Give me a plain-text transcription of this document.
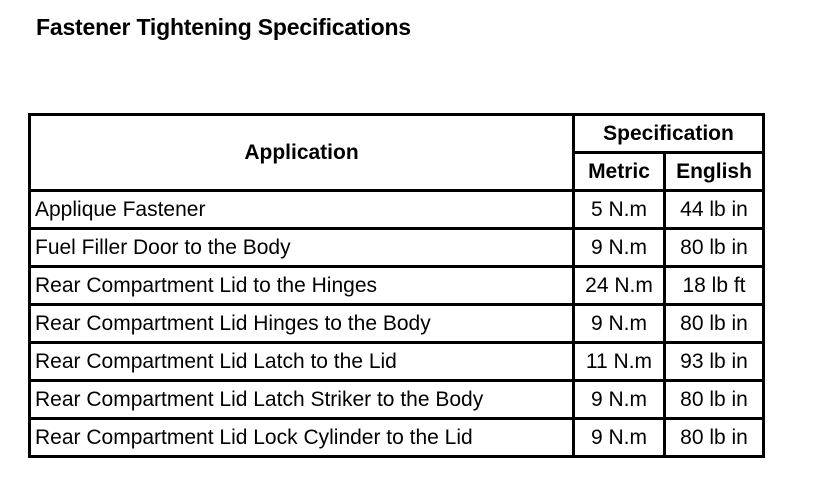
Fastener Tightening Specifications
Application	Specification	
	Metric	English
Applique Fastener	5 N.m	44 lb in
Fuel Filler Door to the Body	9 N.m	80 lb in
Rear Compartment Lid to the Hinges	24 N.m	18 lb ft
Rear Compartment Lid Hinges to the Body	9 N.m	80 lb in
Rear Compartment Lid Latch to the Lid	11 N.m	93 lb in
Rear Compartment Lid Latch Striker to the Body	9 N.m	80 lb in
Rear Compartment Lid Lock Cylinder to the Lid	9 N.m	80 lb in
